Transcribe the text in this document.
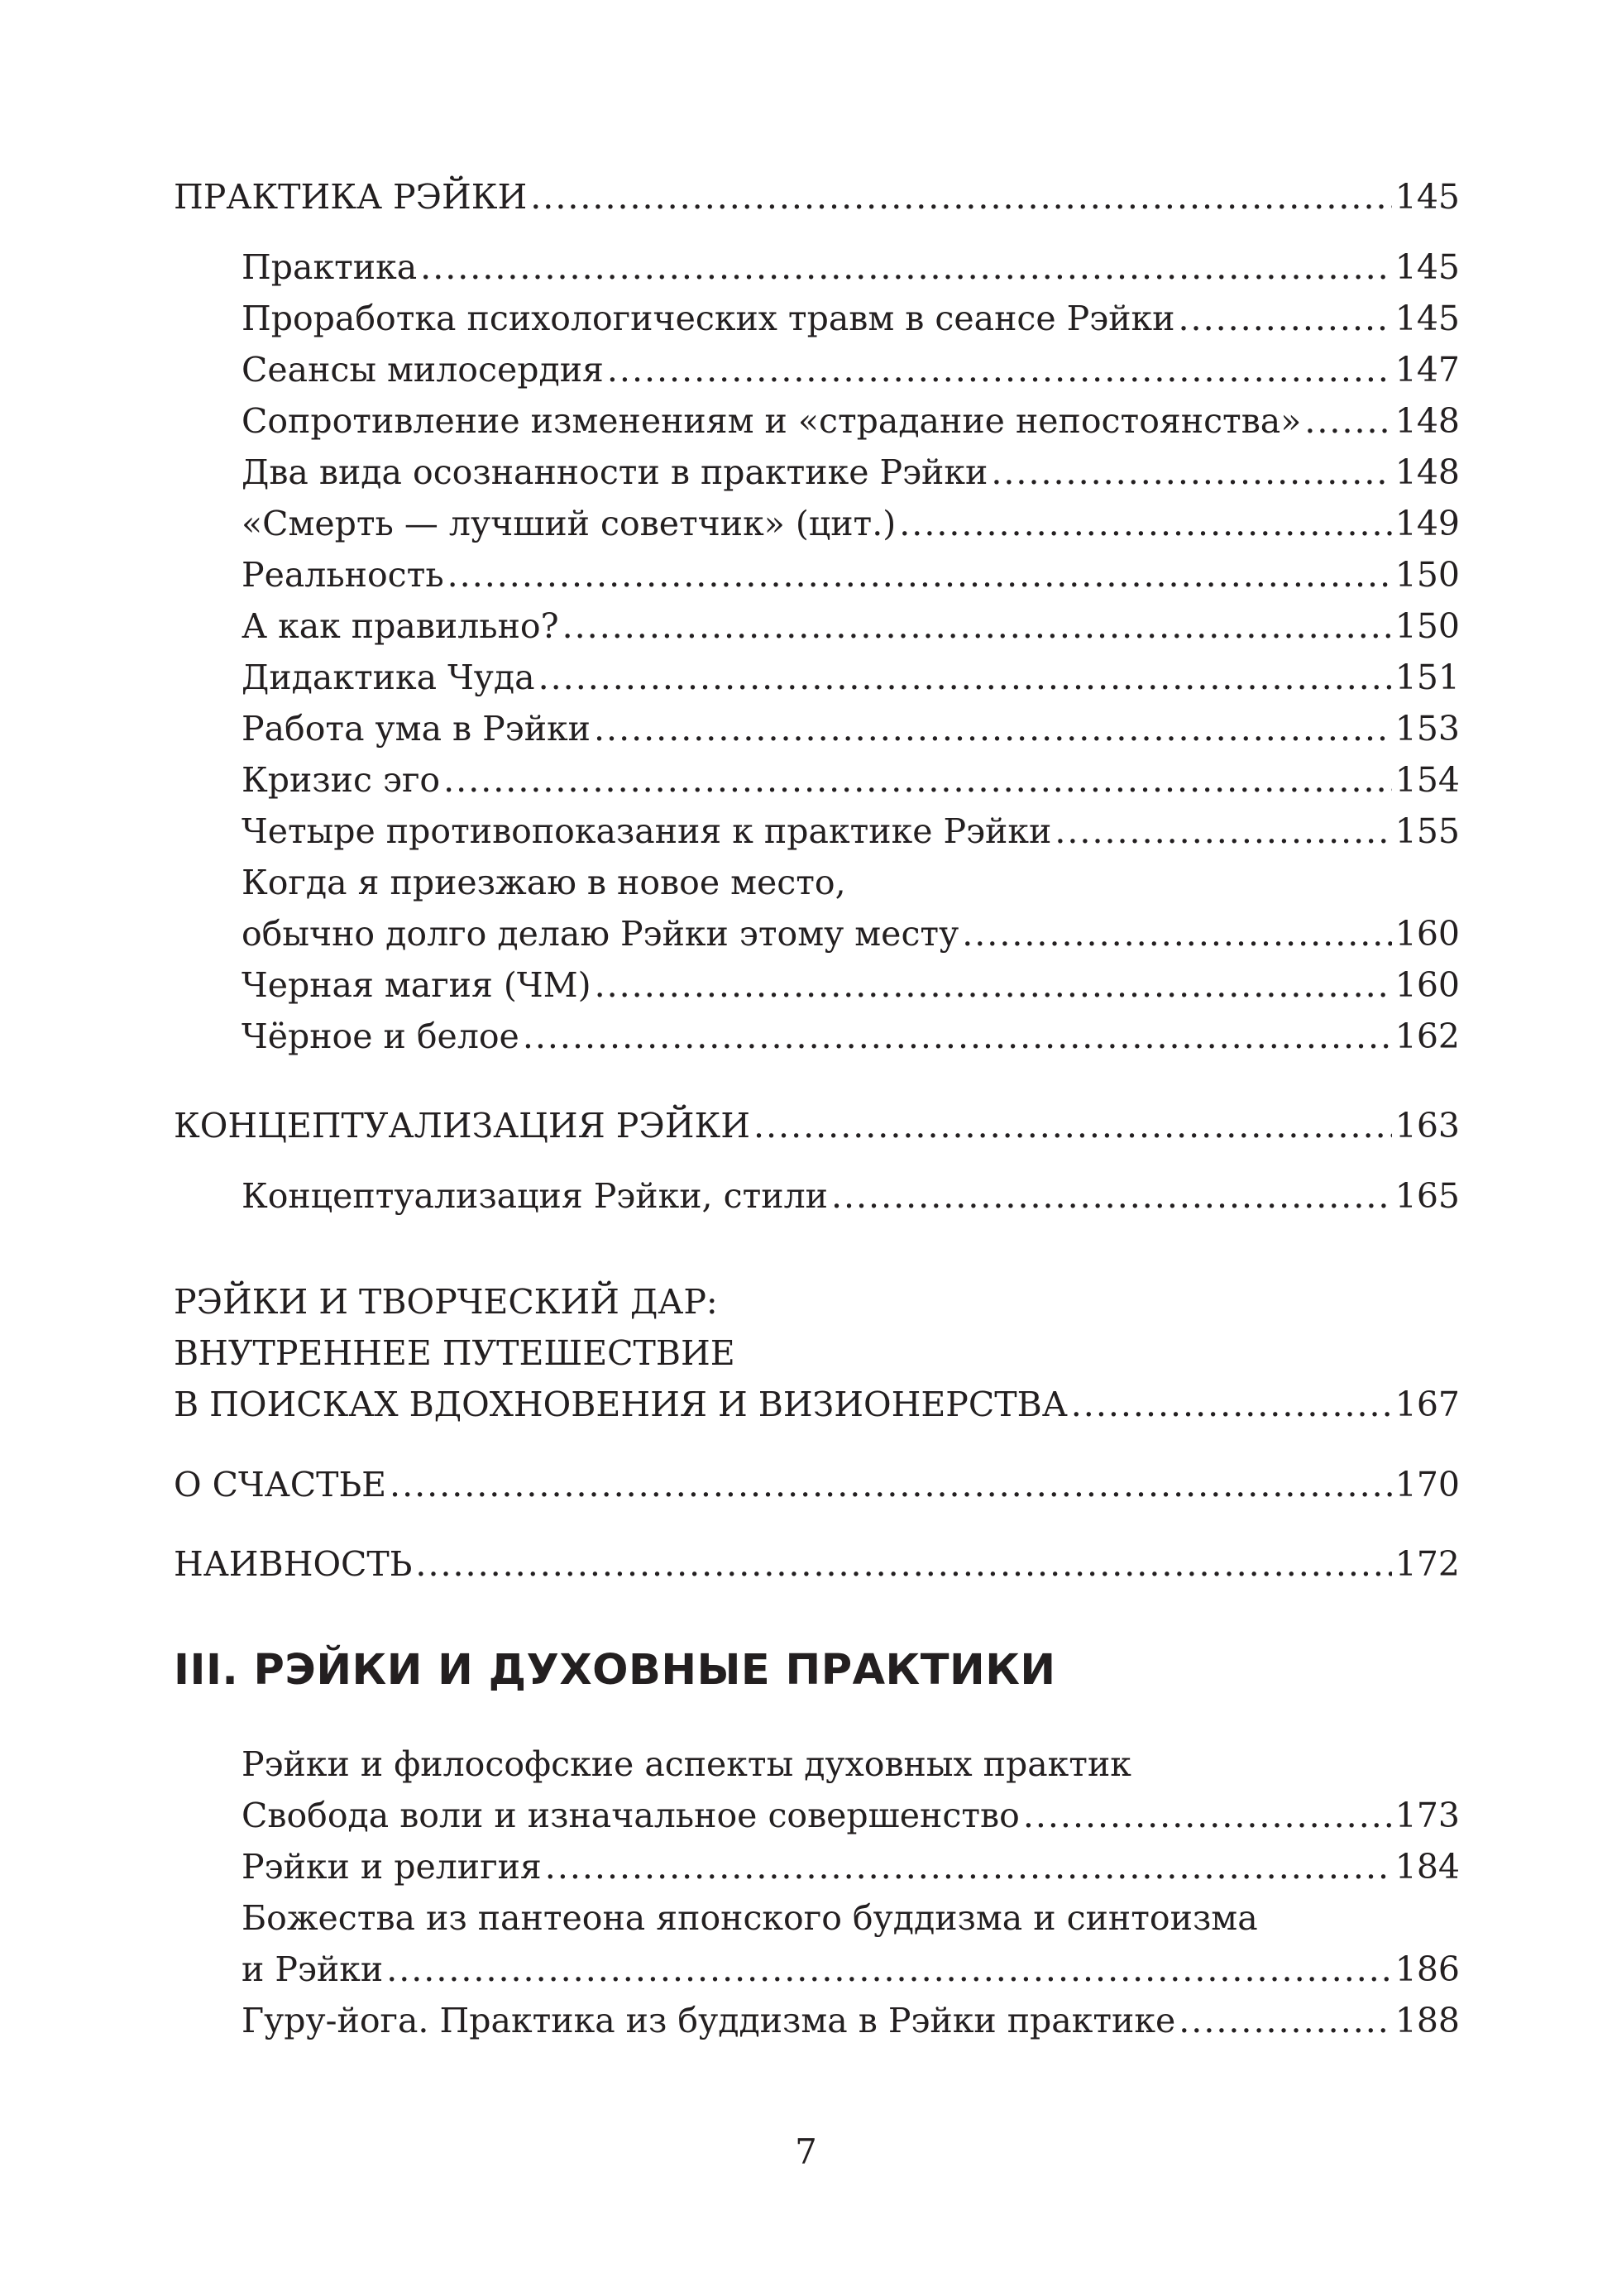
ПРАКТИКА РЭЙКИ .....	145
Практика .....	145
Проработка психологических травм в сеансе Рэйки .....	145
Сеансы милосердия .....	147
Сопротивление изменениям и «страдание непостоянства» .....	148
Два вида осознанности в практике Рэйки .....	148
«Смерть — лучший советчик» (цит.) .....	149
Реальность .....	150
А как правильно? .....	150
Дидактика Чуда .....	151
Работа ума в Рэйки .....	153
Кризис эго .....	154
Четыре противопоказания к практике Рэйки .....	155
Когда я приезжаю в новое место,
обычно долго делаю Рэйки этому месту .....	160
Черная магия (ЧМ) .....	160
Чёрное и белое .....	162
КОНЦЕПТУАЛИЗАЦИЯ РЭЙКИ .....	163
Концептуализация Рэйки, стили .....	165
РЭЙКИ И ТВОРЧЕСКИЙ ДАР:
ВНУТРЕННЕЕ ПУТЕШЕСТВИЕ
В ПОИСКАХ ВДОХНОВЕНИЯ И ВИЗИОНЕРСТВА .....	167
О СЧАСТЬЕ .....	170
НАИВНОСТЬ .....	172
III. РЭЙКИ И ДУХОВНЫЕ ПРАКТИКИ
Рэйки и философские аспекты духовных практик
Свобода воли и изначальное совершенство .....	173
Рэйки и религия .....	184
Божества из пантеона японского буддизма и синтоизма
и Рэйки .....	186
Гуру-йога. Практика из буддизма в Рэйки практике .....	188
7
